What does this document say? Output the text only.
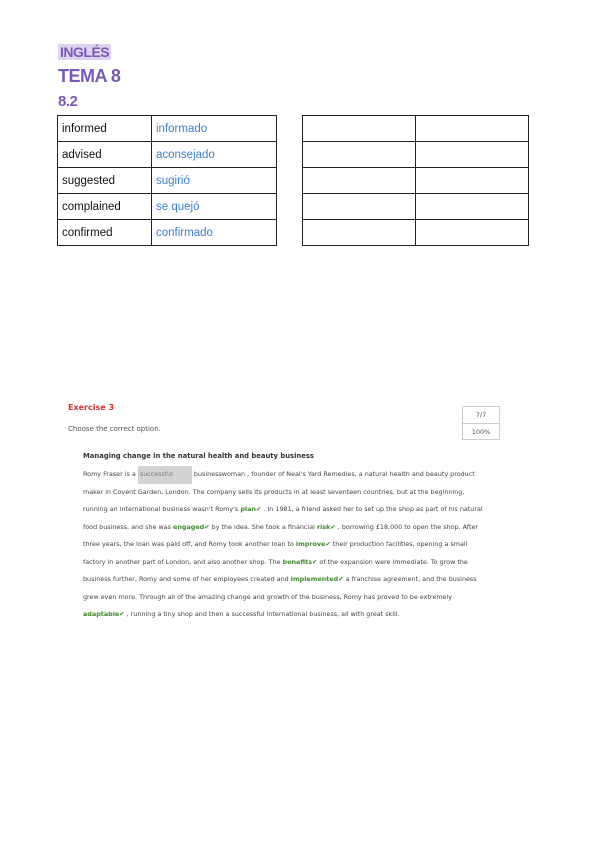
INGLÉS
TEMA 8
8.2
informed	informado
advised	aconsejado
suggested	sugirió
complained	se quejó
confirmed	confirmado

Exercise 3
Choose the correct option.
7/7
100%
Managing change in the natural health and beauty business
Romy Fraser is a successful	businesswoman , founder of Neal's Yard Remedies, a natural health and beauty product maker in Covent Garden, London. The company sells its products in at least seventeen countries, but at the beginning, running an international business wasn't Romy's plan✔ . In 1981, a friend asked her to set up the shop as part of his natural food business, and she was engaged✔ by the idea. She took a financial risk✔ , borrowing £18,000 to open the shop. After three years, the loan was paid off, and Romy took another loan to improve✔ their production facilities, opening a small factory in another part of London, and also another shop. The benefits✔ of the expansion were immediate. To grow the business further, Romy and some of her employees created and implemented✔ a franchise agreement, and the business grew even more. Through all of the amazing change and growth of the business, Romy has proved to be extremely adaptable✔ , running a tiny shop and then a successful international business, all with great skill.
